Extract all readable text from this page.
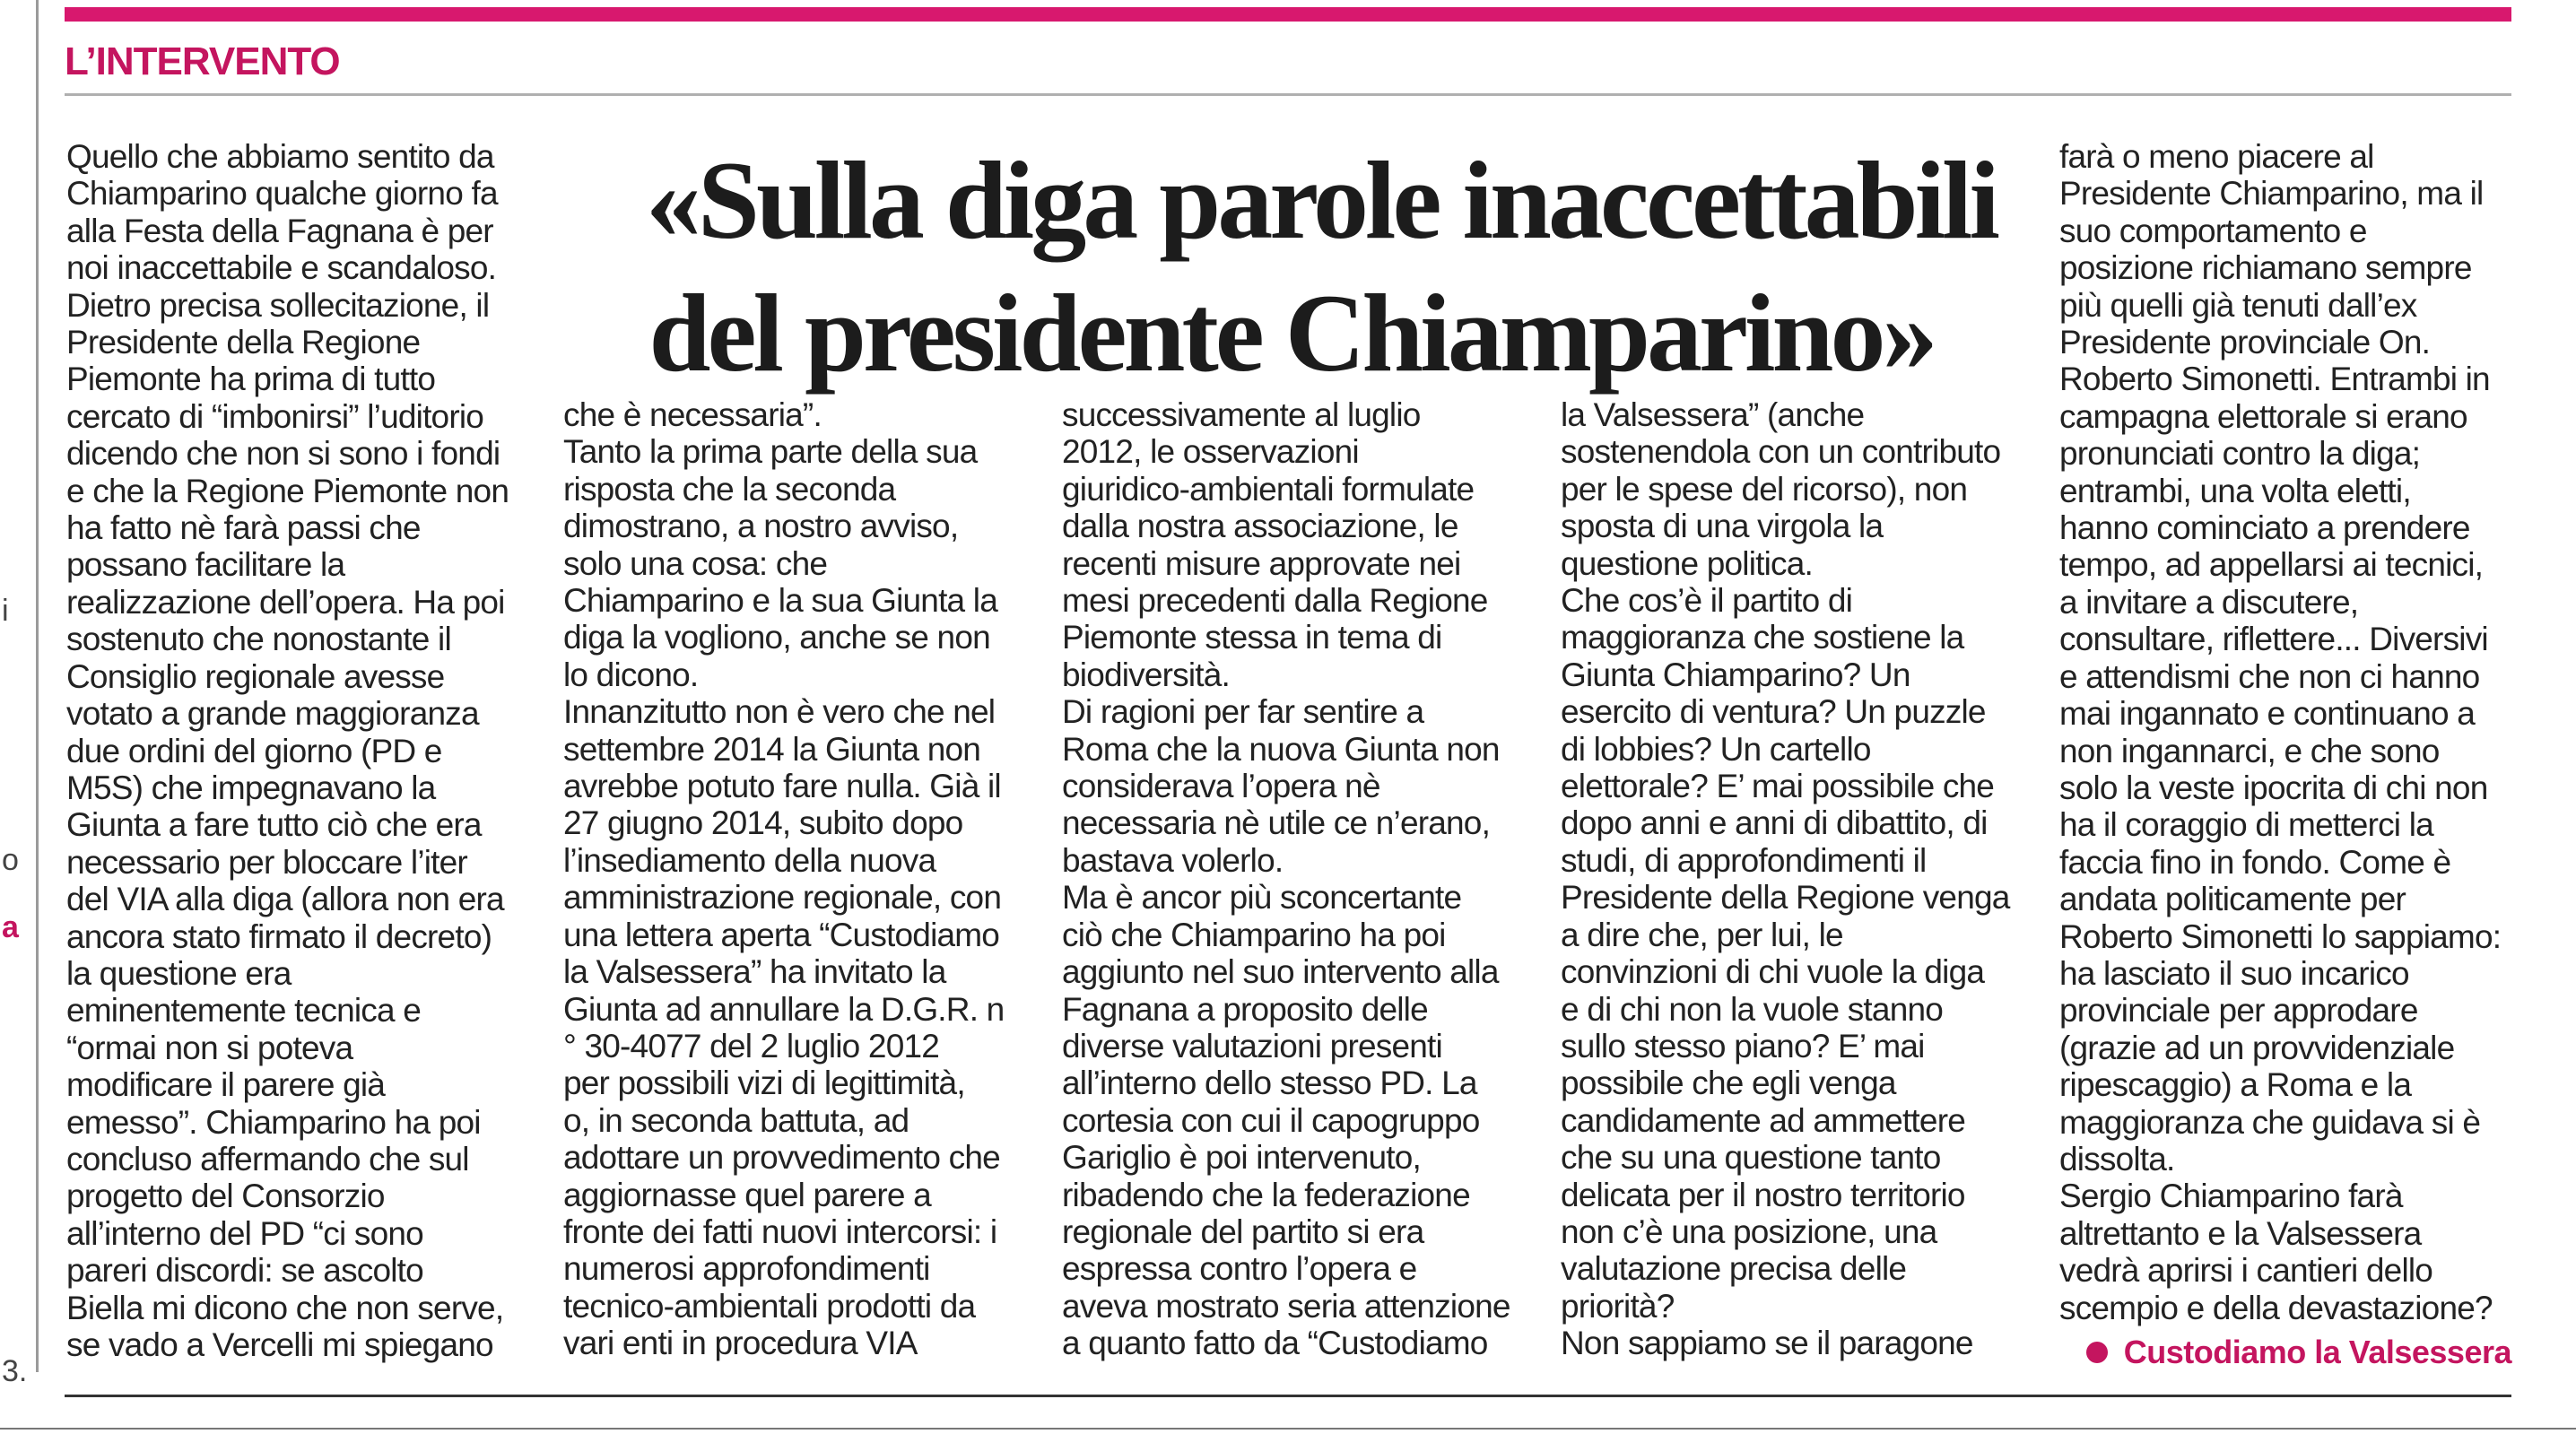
i
o
a
3.
L’INTERVENTO
«Sulla diga parole inaccettabili
del presidente Chiamparino»
Quello che abbiamo sentito da
Chiamparino qualche giorno fa
alla Festa della Fagnana è per
noi inaccettabile e scandaloso.
Dietro precisa sollecitazione, il
Presidente della Regione
Piemonte ha prima di tutto
cercato di “imbonirsi” l’uditorio
dicendo che non si sono i fondi
e che la Regione Piemonte non
ha fatto nè farà passi che
possano facilitare la
realizzazione dell’opera. Ha poi
sostenuto che nonostante il
Consiglio regionale avesse
votato a grande maggioranza
due ordini del giorno (PD e
M5S) che impegnavano la
Giunta a fare tutto ciò che era
necessario per bloccare l’iter
del VIA alla diga (allora non era
ancora stato firmato il decreto)
la questione era
eminentemente tecnica e
“ormai non si poteva
modificare il parere già
emesso”. Chiamparino ha poi
concluso affermando che sul
progetto del Consorzio
all’interno del PD “ci sono
pareri discordi: se ascolto
Biella mi dicono che non serve,
se vado a Vercelli mi spiegano
che è necessaria”.
Tanto la prima parte della sua
risposta che la seconda
dimostrano, a nostro avviso,
solo una cosa: che
Chiamparino e la sua Giunta la
diga la vogliono, anche se non
lo dicono.
Innanzitutto non è vero che nel
settembre 2014 la Giunta non
avrebbe potuto fare nulla. Già il
27 giugno 2014, subito dopo
l’insediamento della nuova
amministrazione regionale, con
una lettera aperta “Custodiamo
la Valsessera” ha invitato la
Giunta ad annullare la D.G.R. n
° 30-4077 del 2 luglio 2012
per possibili vizi di legittimità,
o, in seconda battuta, ad
adottare un provvedimento che
aggiornasse quel parere a
fronte dei fatti nuovi intercorsi: i
numerosi approfondimenti
tecnico-ambientali prodotti da
vari enti in procedura VIA
successivamente al luglio
2012, le osservazioni
giuridico-ambientali formulate
dalla nostra associazione, le
recenti misure approvate nei
mesi precedenti dalla Regione
Piemonte stessa in tema di
biodiversità.
Di ragioni per far sentire a
Roma che la nuova Giunta non
considerava l’opera nè
necessaria nè utile ce n’erano,
bastava volerlo.
Ma è ancor più sconcertante
ciò che Chiamparino ha poi
aggiunto nel suo intervento alla
Fagnana a proposito delle
diverse valutazioni presenti
all’interno dello stesso PD. La
cortesia con cui il capogruppo
Gariglio è poi intervenuto,
ribadendo che la federazione
regionale del partito si era
espressa contro l’opera e
aveva mostrato seria attenzione
a quanto fatto da “Custodiamo
la Valsessera” (anche
sostenendola con un contributo
per le spese del ricorso), non
sposta di una virgola la
questione politica.
Che cos’è il partito di
maggioranza che sostiene la
Giunta Chiamparino? Un
esercito di ventura? Un puzzle
di lobbies? Un cartello
elettorale? E’ mai possibile che
dopo anni e anni di dibattito, di
studi, di approfondimenti il
Presidente della Regione venga
a dire che, per lui, le
convinzioni di chi vuole la diga
e di chi non la vuole stanno
sullo stesso piano? E’ mai
possibile che egli venga
candidamente ad ammettere
che su una questione tanto
delicata per il nostro territorio
non c’è una posizione, una
valutazione precisa delle
priorità?
Non sappiamo se il paragone
farà o meno piacere al
Presidente Chiamparino, ma il
suo comportamento e
posizione richiamano sempre
più quelli già tenuti dall’ex
Presidente provinciale On.
Roberto Simonetti. Entrambi in
campagna elettorale si erano
pronunciati contro la diga;
entrambi, una volta eletti,
hanno cominciato a prendere
tempo, ad appellarsi ai tecnici,
a invitare a discutere,
consultare, riflettere... Diversivi
e attendismi che non ci hanno
mai ingannato e continuano a
non ingannarci, e che sono
solo la veste ipocrita di chi non
ha il coraggio di metterci la
faccia fino in fondo. Come è
andata politicamente per
Roberto Simonetti lo sappiamo:
ha lasciato il suo incarico
provinciale per approdare
(grazie ad un provvidenziale
ripescaggio) a Roma e la
maggioranza che guidava si è
dissolta.
Sergio Chiamparino farà
altrettanto e la Valsessera
vedrà aprirsi i cantieri dello
scempio e della devastazione?
Custodiamo la Valsessera
